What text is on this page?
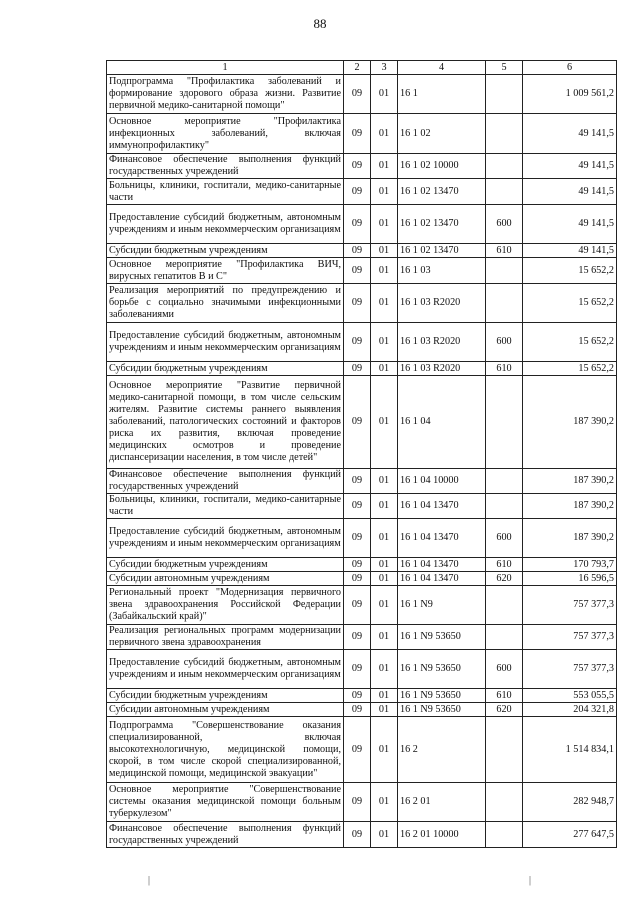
88
1	2	3	4	5	6
Подпрограмма "Профилактика заболеваний и формирование здорового образа жизни. Развитие первичной медико-санитарной помощи"	09	01	16 1		1 009 561,2
Основное мероприятие "Профилактика инфекционных заболеваний, включая иммунопрофилактику"	09	01	16 1 02		49 141,5
Финансовое обеспечение выполнения функций государственных учреждений	09	01	16 1 02 10000		49 141,5
Больницы, клиники, госпитали, медико-санитарные части	09	01	16 1 02 13470		49 141,5
Предоставление субсидий бюджетным, автономным учреждениям и иным некоммерческим организациям	09	01	16 1 02 13470	600	49 141,5
Субсидии бюджетным учреждениям	09	01	16 1 02 13470	610	49 141,5
Основное мероприятие "Профилактика ВИЧ, вирусных гепатитов В и С"	09	01	16 1 03		15 652,2
Реализация мероприятий по предупреждению и борьбе с социально значимыми инфекционными заболеваниями	09	01	16 1 03 R2020		15 652,2
Предоставление субсидий бюджетным, автономным учреждениям и иным некоммерческим организациям	09	01	16 1 03 R2020	600	15 652,2
Субсидии бюджетным учреждениям	09	01	16 1 03 R2020	610	15 652,2
Основное мероприятие "Развитие первичной медико-санитарной помощи, в том числе сельским жителям. Развитие системы раннего выявления заболеваний, патологических состояний и факторов риска их развития, включая проведение медицинских осмотров и проведение диспансеризации населения, в том числе детей"	09	01	16 1 04		187 390,2
Финансовое обеспечение выполнения функций государственных учреждений	09	01	16 1 04 10000		187 390,2
Больницы, клиники, госпитали, медико-санитарные части	09	01	16 1 04 13470		187 390,2
Предоставление субсидий бюджетным, автономным учреждениям и иным некоммерческим организациям	09	01	16 1 04 13470	600	187 390,2
Субсидии бюджетным учреждениям	09	01	16 1 04 13470	610	170 793,7
Субсидии автономным учреждениям	09	01	16 1 04 13470	620	16 596,5
Региональный проект "Модернизация первичного звена здравоохранения Российской Федерации (Забайкальский край)"	09	01	16 1 N9		757 377,3
Реализация региональных программ модернизации первичного звена здравоохранения	09	01	16 1 N9 53650		757 377,3
Предоставление субсидий бюджетным, автономным учреждениям и иным некоммерческим организациям	09	01	16 1 N9 53650	600	757 377,3
Субсидии бюджетным учреждениям	09	01	16 1 N9 53650	610	553 055,5
Субсидии автономным учреждениям	09	01	16 1 N9 53650	620	204 321,8
Подпрограмма "Совершенствование оказания специализированной, включая высокотехнологичную, медицинской помощи, скорой, в том числе скорой специализированной, медицинской помощи, медицинской эвакуации"	09	01	16 2		1 514 834,1
Основное мероприятие "Совершенствование системы оказания медицинской помощи больным туберкулезом"	09	01	16 2 01		282 948,7
Финансовое обеспечение выполнения функций государственных учреждений	09	01	16 2 01 10000		277 647,5
|	|
